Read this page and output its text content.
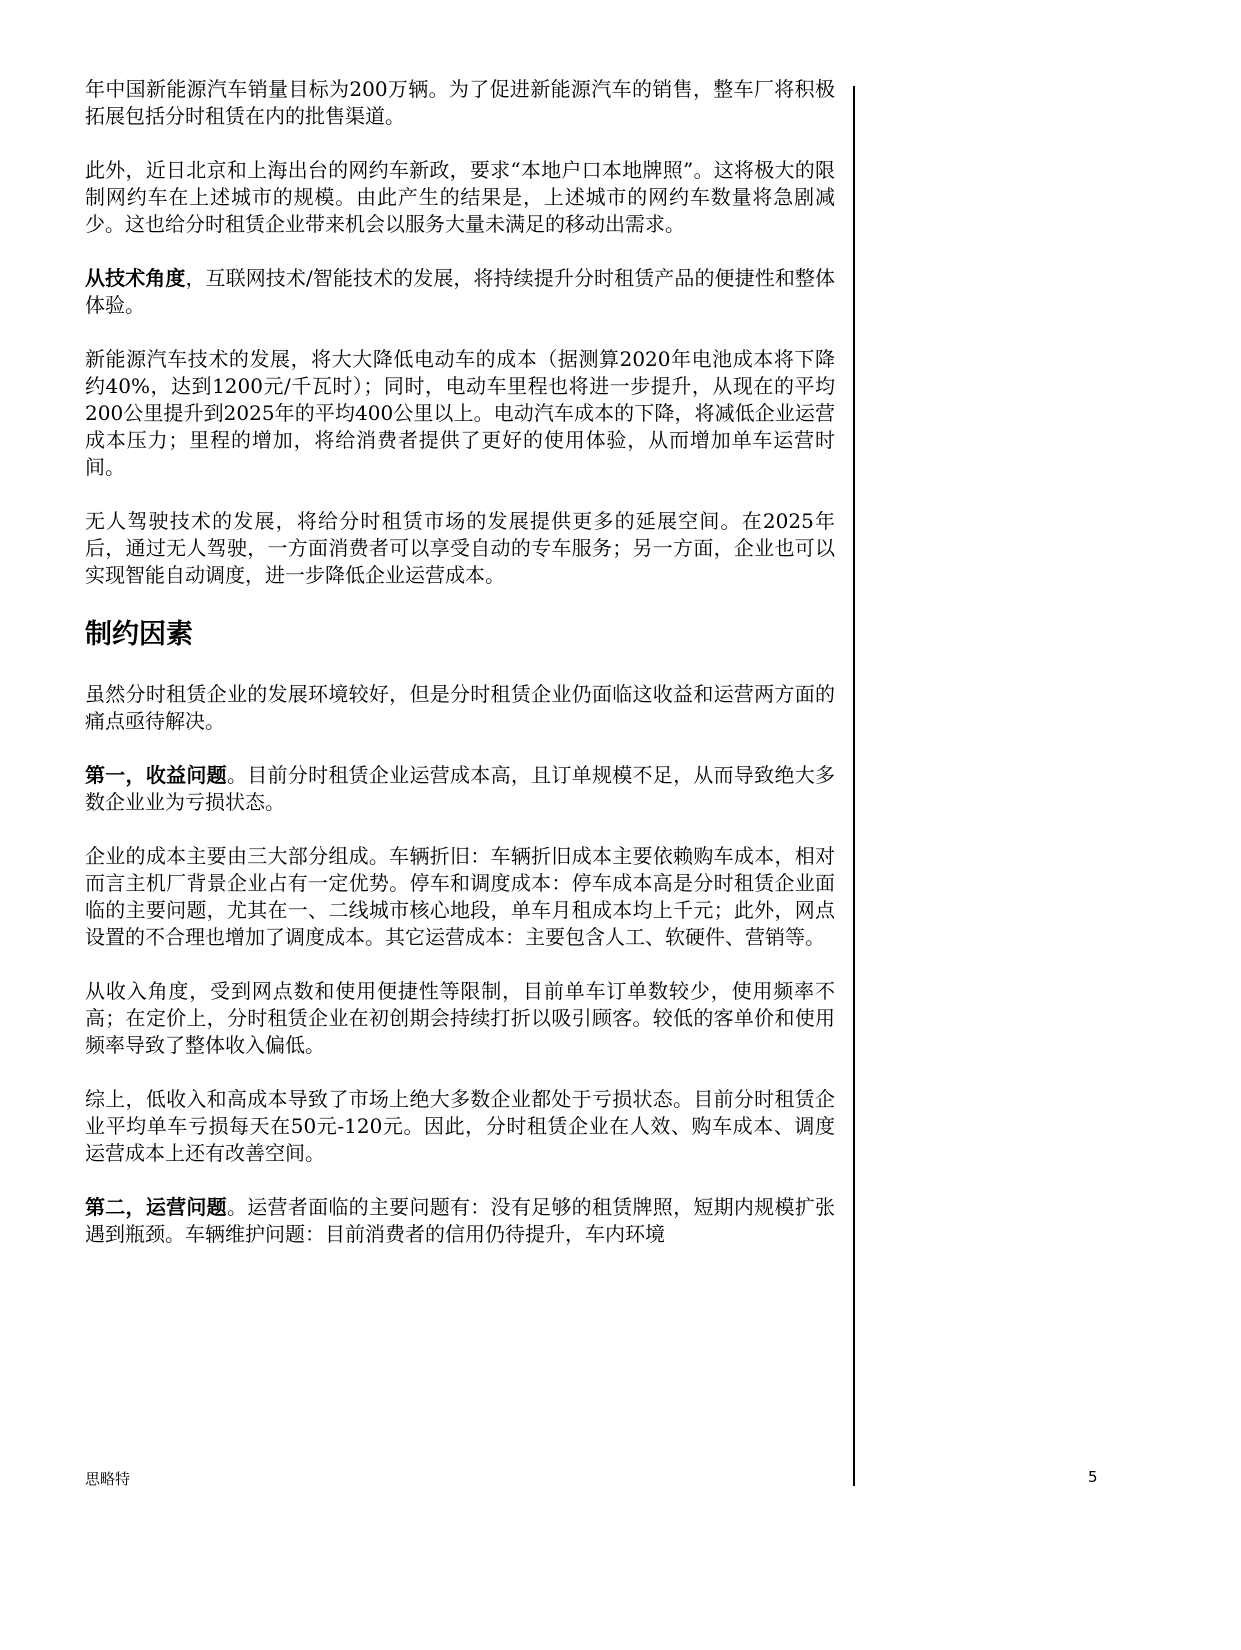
年中国新能源汽车销量目标为200万辆。为了促进新能源汽车的销售，整车厂将积极拓展包括分时租赁在内的批售渠道。

此外，近日北京和上海出台的网约车新政，要求“本地户口本地牌照”。这将极大的限制网约车在上述城市的规模。由此产生的结果是，上述城市的网约车数量将急剧减少。这也给分时租赁企业带来机会以服务大量未满足的移动出需求。

从技术角度，互联网技术/智能技术的发展，将持续提升分时租赁产品的便捷性和整体体验。

新能源汽车技术的发展，将大大降低电动车的成本（据测算2020年电池成本将下降约40%，达到1200元/千瓦时）；同时，电动车里程也将进一步提升，从现在的平均200公里提升到2025年的平均400公里以上。电动汽车成本的下降，将减低企业运营成本压力；里程的增加，将给消费者提供了更好的使用体验，从而增加单车运营时间。

无人驾驶技术的发展，将给分时租赁市场的发展提供更多的延展空间。在2025年后，通过无人驾驶，一方面消费者可以享受自动的专车服务；另一方面，企业也可以实现智能自动调度，进一步降低企业运营成本。

制约因素

虽然分时租赁企业的发展环境较好，但是分时租赁企业仍面临这收益和运营两方面的痛点亟待解决。

第一，收益问题。目前分时租赁企业运营成本高，且订单规模不足，从而导致绝大多数企业业为亏损状态。

企业的成本主要由三大部分组成。车辆折旧：车辆折旧成本主要依赖购车成本，相对而言主机厂背景企业占有一定优势。停车和调度成本：停车成本高是分时租赁企业面临的主要问题，尤其在一、二线城市核心地段，单车月租成本均上千元；此外，网点设置的不合理也增加了调度成本。其它运营成本：主要包含人工、软硬件、营销等。

从收入角度，受到网点数和使用便捷性等限制，目前单车订单数较少，使用频率不高；在定价上，分时租赁企业在初创期会持续打折以吸引顾客。较低的客单价和使用频率导致了整体收入偏低。

综上，低收入和高成本导致了市场上绝大多数企业都处于亏损状态。目前分时租赁企业平均单车亏损每天在50元-120元。因此，分时租赁企业在人效、购车成本、调度运营成本上还有改善空间。

第二，运营问题。运营者面临的主要问题有：没有足够的租赁牌照，短期内规模扩张遇到瓶颈。车辆维护问题：目前消费者的信用仍待提升，车内环境

思略特	5
